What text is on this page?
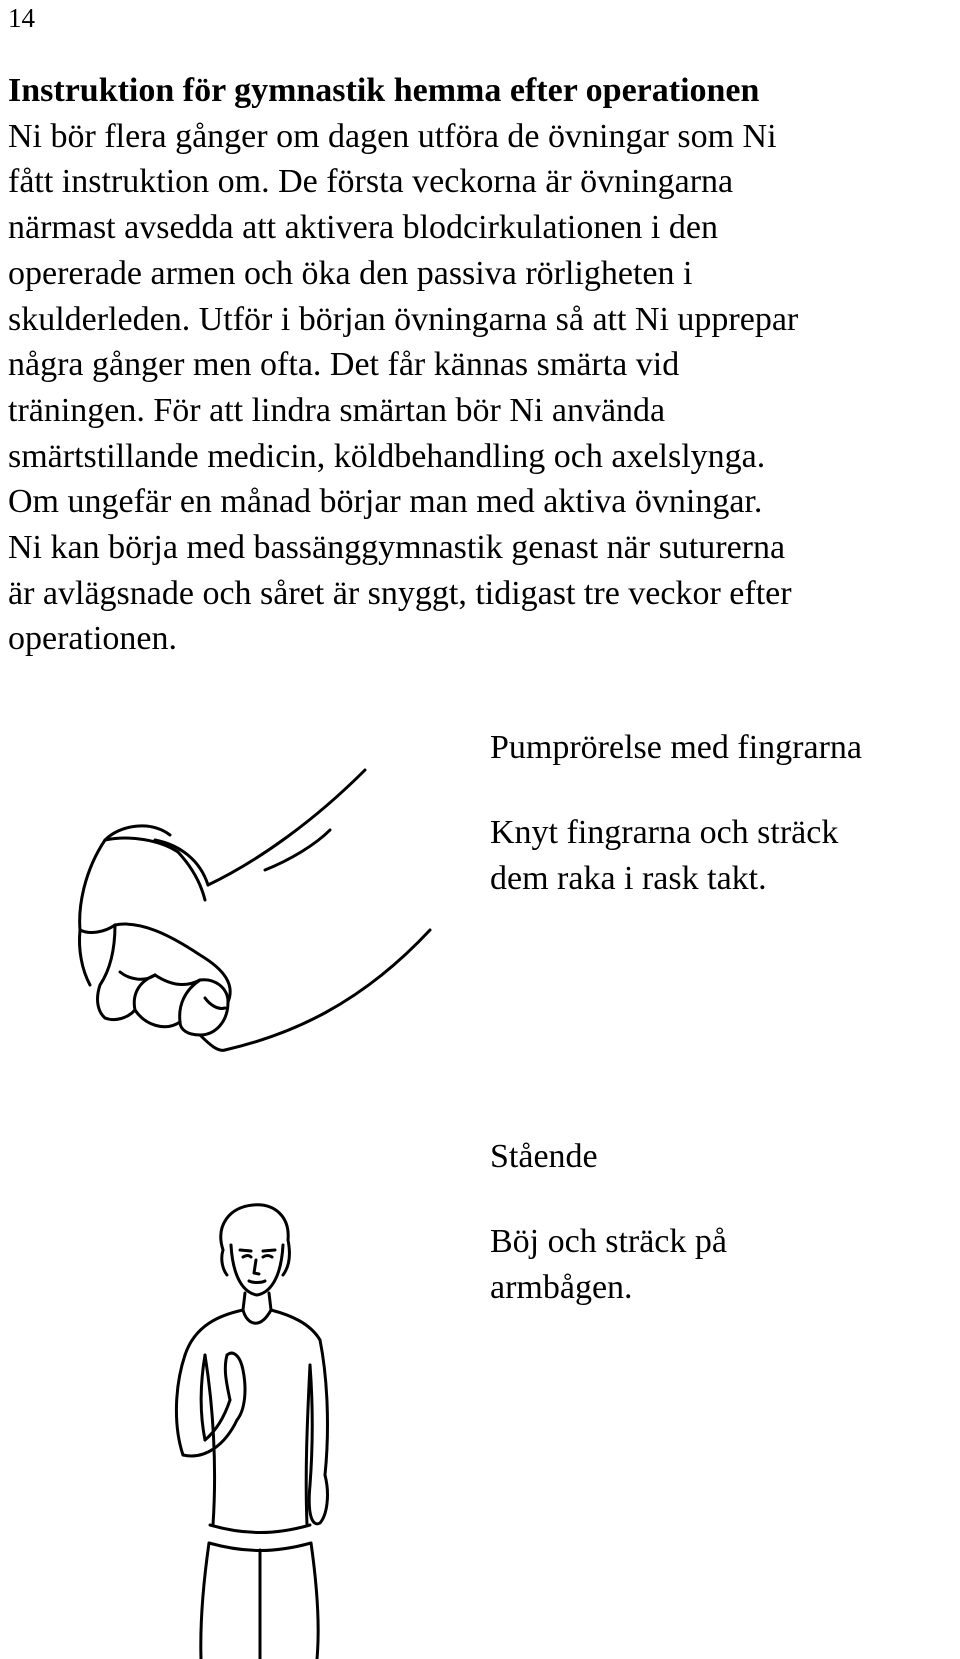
14
Instruktion för gymnastik hemma efter operationen
Ni bör flera gånger om dagen utföra de övningar som Ni
fått instruktion om. De första veckorna är övningarna
närmast avsedda att aktivera blodcirkulationen i den
opererade armen och öka den passiva rörligheten i
skulderleden. Utför i början övningarna så att Ni upprepar
några gånger men ofta. Det får kännas smärta vid
träningen. För att lindra smärtan bör Ni använda
smärtstillande medicin, köldbehandling och axelslynga.
Om ungefär en månad börjar man med aktiva övningar.
Ni kan börja med bassänggymnastik genast när suturerna
är avlägsnade och såret är snyggt, tidigast tre veckor efter
operationen.
Pumprörelse med fingrarna
Knyt fingrarna och sträck
dem raka i rask takt.
Stående
Böj och sträck på
armbågen.
